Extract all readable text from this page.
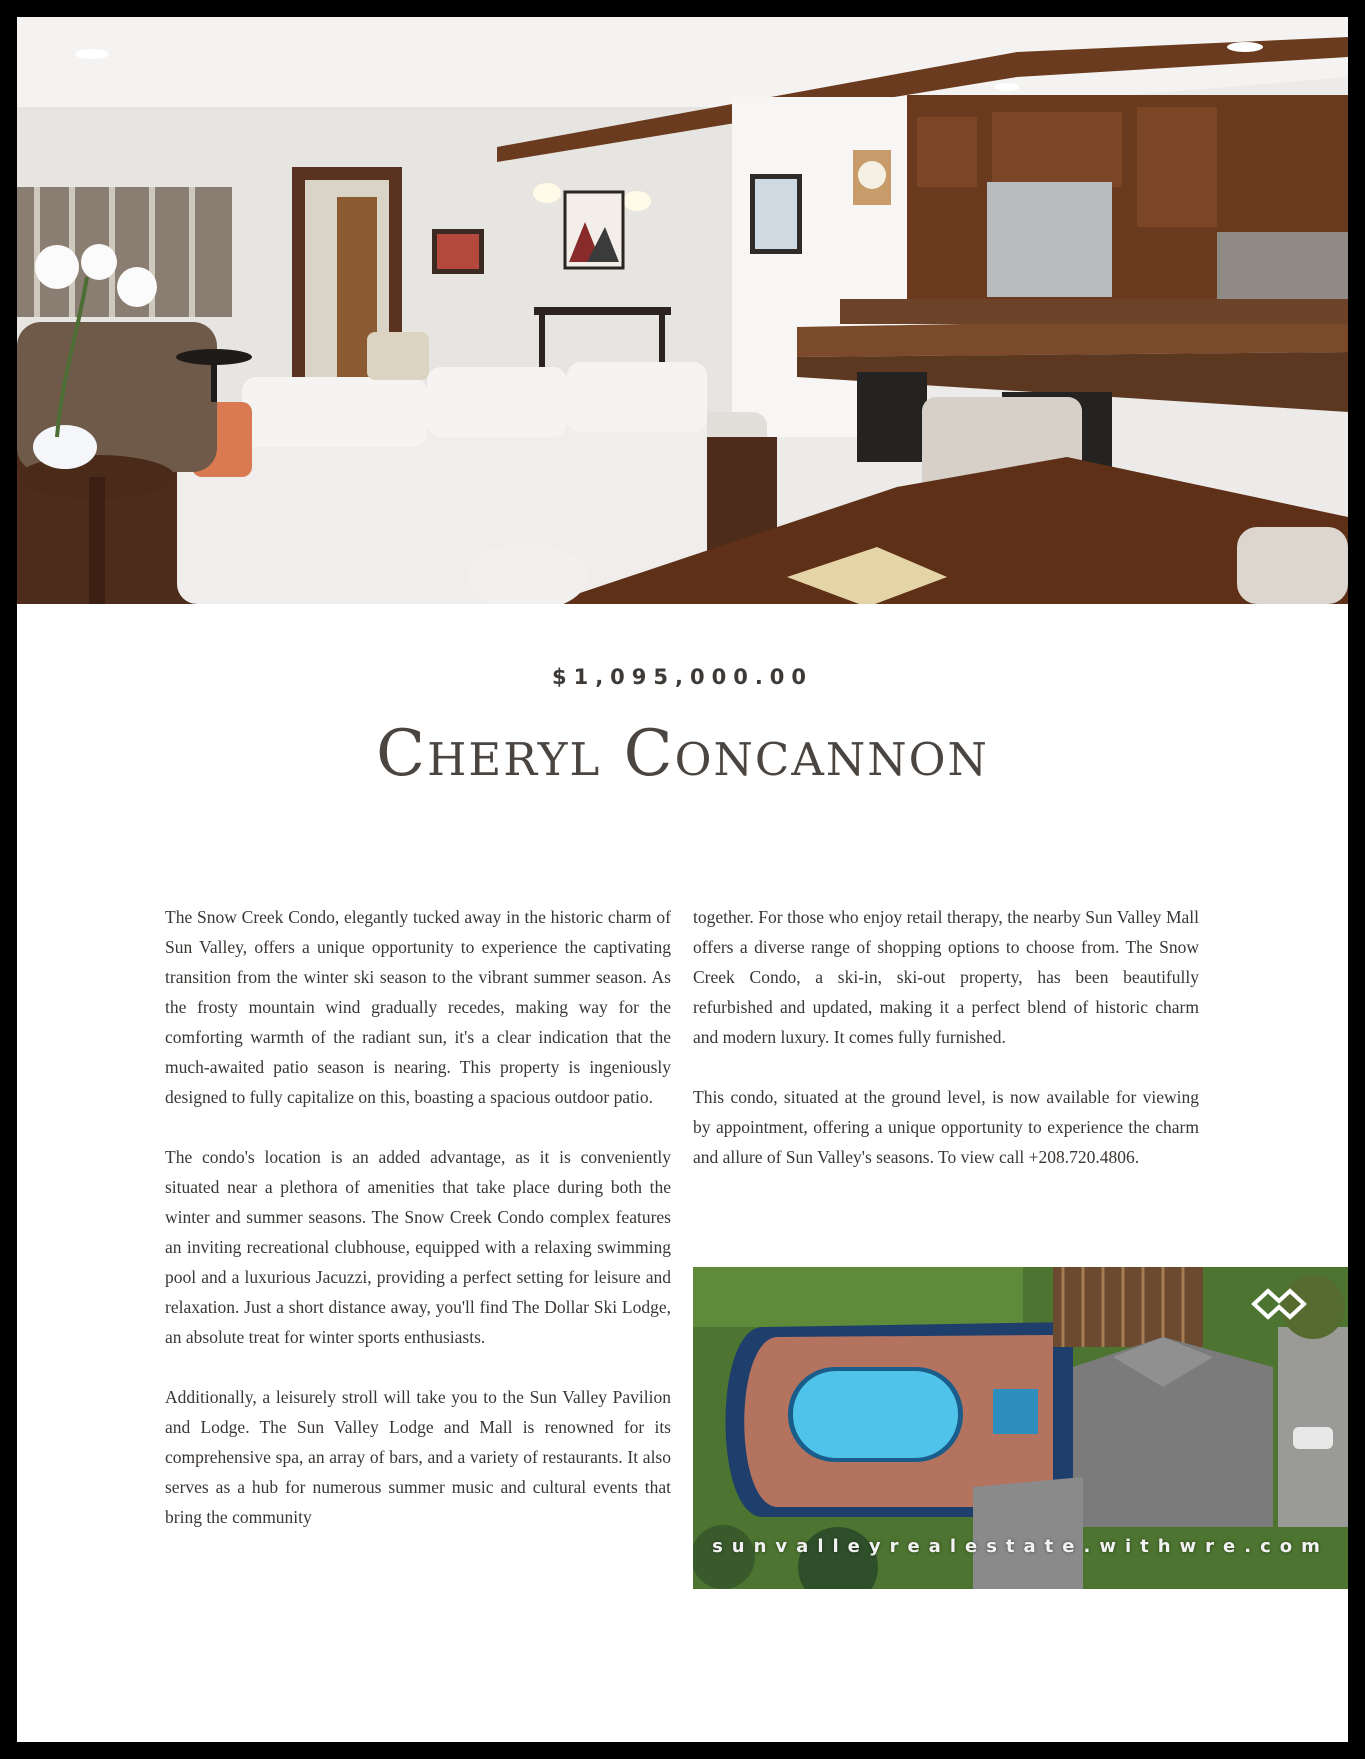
$1,095,000.00
Cheryl Concannon

The Snow Creek Condo, elegantly tucked away in the historic charm of Sun Valley, offers a unique opportunity to experience the captivating transition from the winter ski season to the vibrant summer season. As the frosty mountain wind gradually recedes, making way for the comforting warmth of the radiant sun, it's a clear indication that the much-awaited patio season is nearing. This property is ingeniously designed to fully capitalize on this, boasting a spacious outdoor patio.

The condo's location is an added advantage, as it is conveniently situated near a plethora of amenities that take place during both the winter and summer seasons. The Snow Creek Condo complex features an inviting recreational clubhouse, equipped with a relaxing swimming pool and a luxurious Jacuzzi, providing a perfect setting for leisure and relaxation. Just a short distance away, you'll find The Dollar Ski Lodge, an absolute treat for winter sports enthusiasts.

Additionally, a leisurely stroll will take you to the Sun Valley Pavilion and Lodge. The Sun Valley Lodge and Mall is renowned for its comprehensive spa, an array of bars, and a variety of restaurants. It also serves as a hub for numerous summer music and cultural events that bring the community

together. For those who enjoy retail therapy, the nearby Sun Valley Mall offers a diverse range of shopping options to choose from. The Snow Creek Condo, a ski-in, ski-out property, has been beautifully refurbished and updated, making it a perfect blend of historic charm and modern luxury. It comes fully furnished.

This condo, situated at the ground level, is now available for viewing by appointment, offering a unique opportunity to experience the charm and allure of Sun Valley's seasons. To view call +208.720.4806.

sunvalleyrealestate.withwre.com
